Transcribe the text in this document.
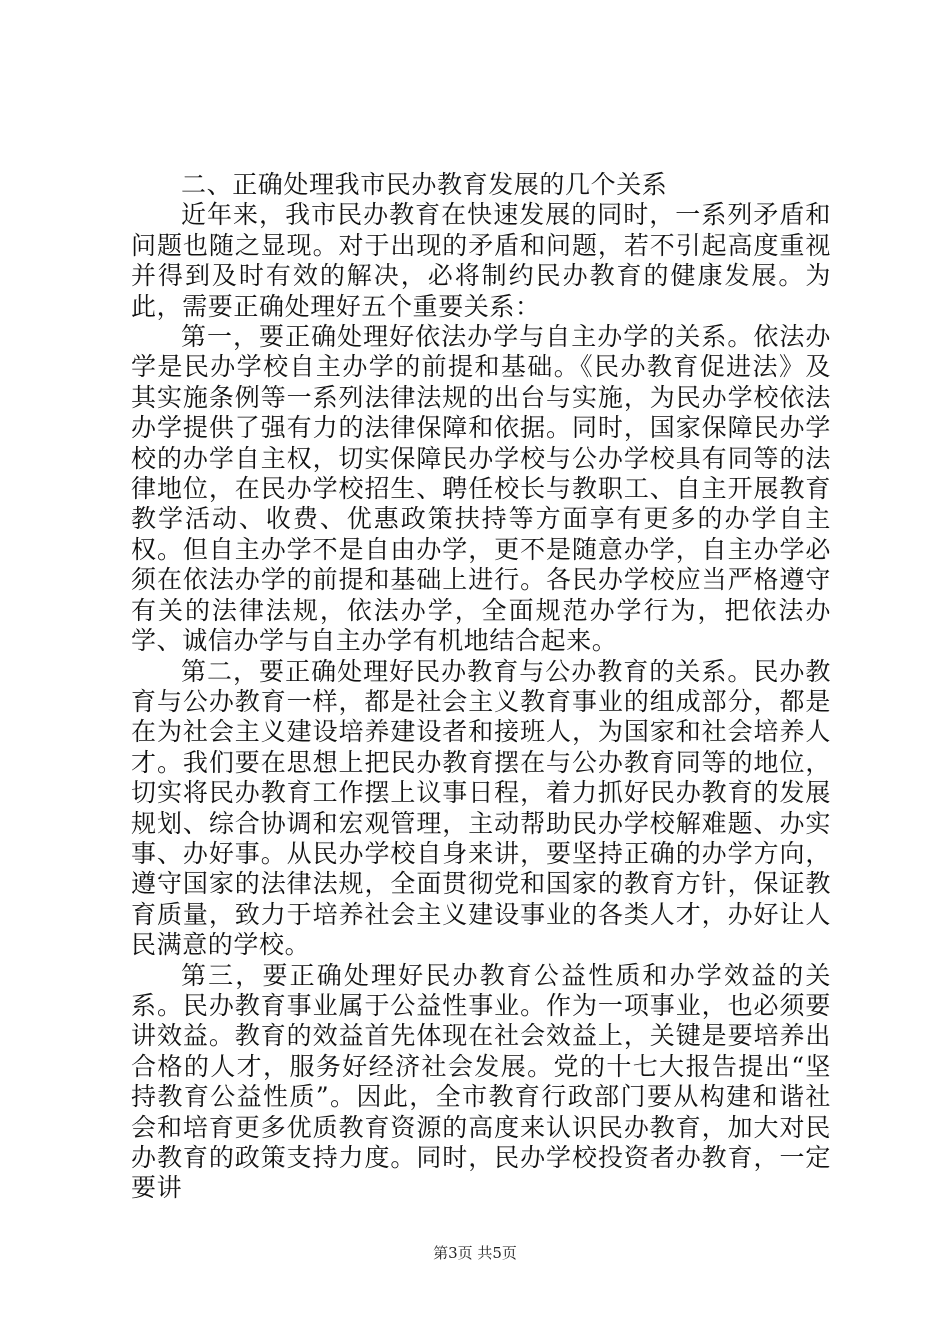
二、正确处理我市民办教育发展的几个关系

近年来，我市民办教育在快速发展的同时，一系列矛盾和问题也随之显现。对于出现的矛盾和问题，若不引起高度重视并得到及时有效的解决，必将制约民办教育的健康发展。为此，需要正确处理好五个重要关系：

第一，要正确处理好依法办学与自主办学的关系。依法办学是民办学校自主办学的前提和基础。《民办教育促进法》及其实施条例等一系列法律法规的出台与实施，为民办学校依法办学提供了强有力的法律保障和依据。同时，国家保障民办学校的办学自主权，切实保障民办学校与公办学校具有同等的法律地位，在民办学校招生、聘任校长与教职工、自主开展教育教学活动、收费、优惠政策扶持等方面享有更多的办学自主权。但自主办学不是自由办学，更不是随意办学，自主办学必须在依法办学的前提和基础上进行。各民办学校应当严格遵守有关的法律法规，依法办学，全面规范办学行为，把依法办学、诚信办学与自主办学有机地结合起来。

第二，要正确处理好民办教育与公办教育的关系。民办教育与公办教育一样，都是社会主义教育事业的组成部分，都是在为社会主义建设培养建设者和接班人，为国家和社会培养人才。我们要在思想上把民办教育摆在与公办教育同等的地位，切实将民办教育工作摆上议事日程，着力抓好民办教育的发展规划、综合协调和宏观管理，主动帮助民办学校解难题、办实事、办好事。从民办学校自身来讲，要坚持正确的办学方向，遵守国家的法律法规，全面贯彻党和国家的教育方针，保证教育质量，致力于培养社会主义建设事业的各类人才，办好让人民满意的学校。

第三，要正确处理好民办教育公益性质和办学效益的关系。民办教育事业属于公益性事业。作为一项事业，也必须要讲效益。教育的效益首先体现在社会效益上，关键是要培养出合格的人才，服务好经济社会发展。党的十七大报告提出“坚持教育公益性质”。因此，全市教育行政部门要从构建和谐社会和培育更多优质教育资源的高度来认识民办教育，加大对民办教育的政策支持力度。同时，民办学校投资者办教育，一定要讲

第3页 共5页
